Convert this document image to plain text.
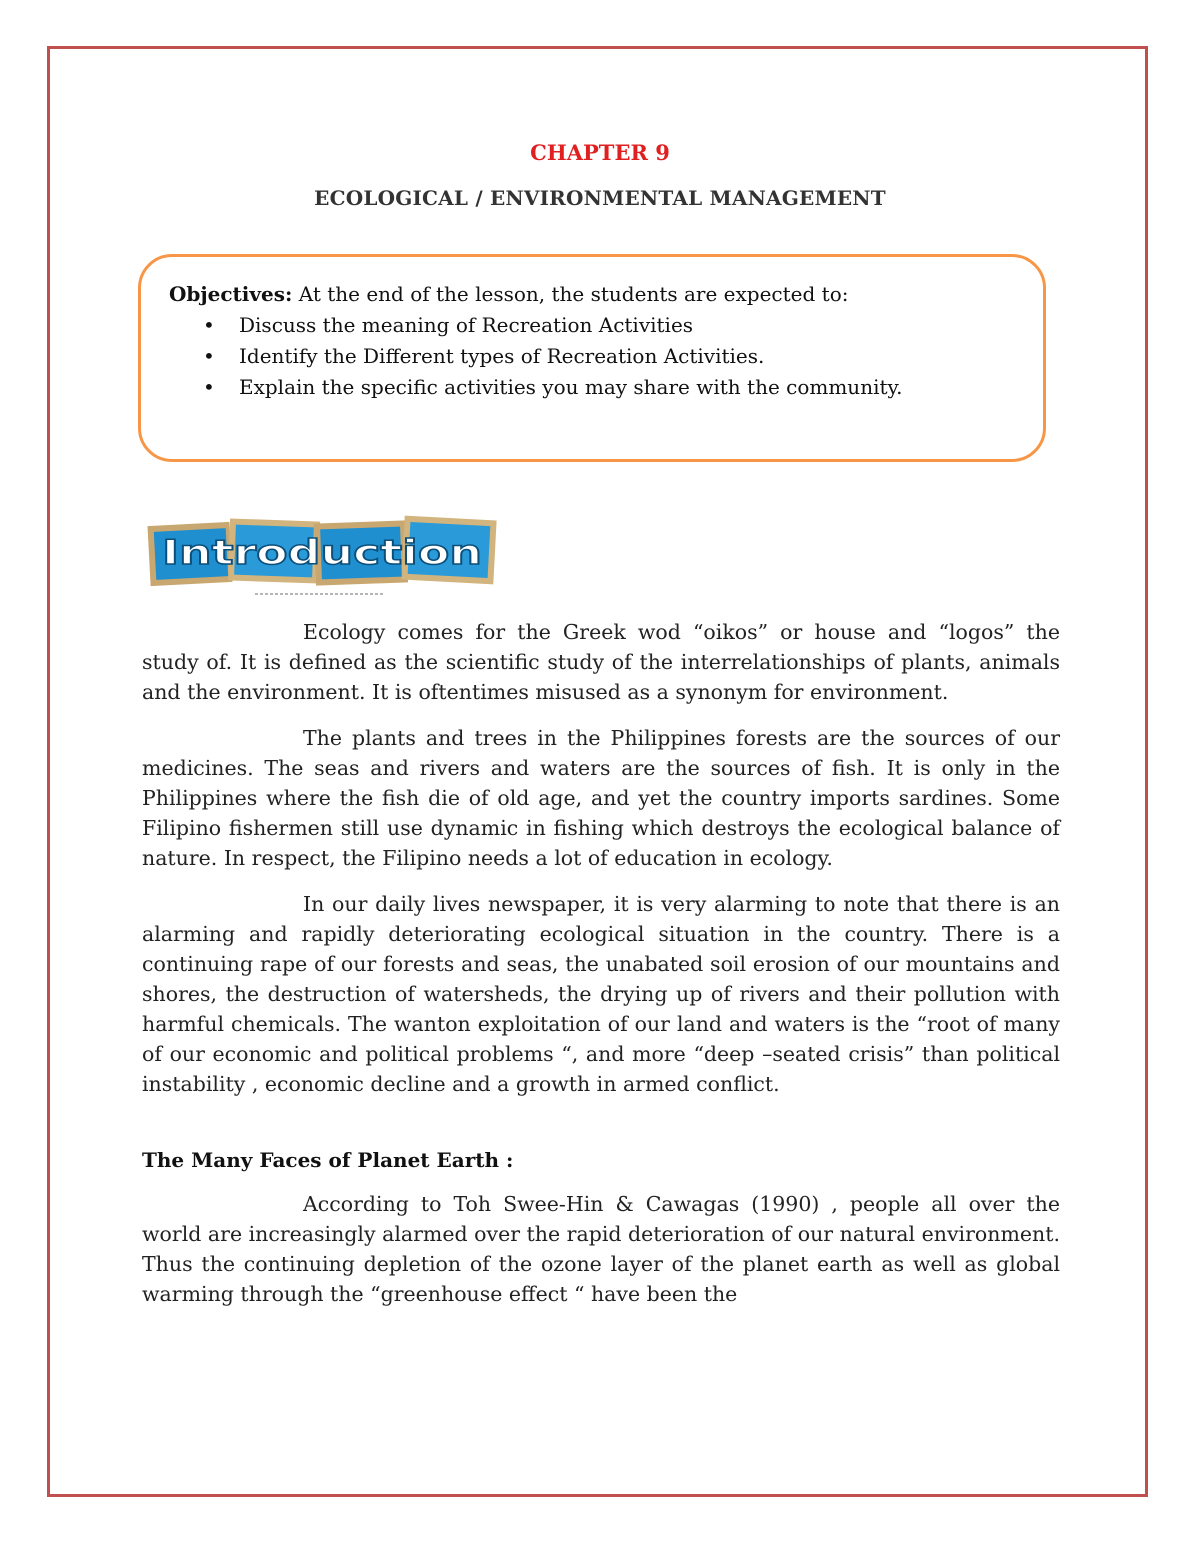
CHAPTER 9
ECOLOGICAL / ENVIRONMENTAL MANAGEMENT
Objectives: At the end of the lesson, the students are expected to:
• Discuss the meaning of Recreation Activities
• Identify the Different types of Recreation Activities.
• Explain the specific activities you may share with the community.
Introduction

Ecology comes for the Greek wod “oikos” or house and “logos” the study of. It is defined as the scientific study of the interrelationships of plants, animals and the environment. It is oftentimes misused as a synonym for environment.

The plants and trees in the Philippines forests are the sources of our medicines. The seas and rivers and waters are the sources of fish. It is only in the Philippines where the fish die of old age, and yet the country imports sardines. Some Filipino fishermen still use dynamic in fishing which destroys the ecological balance of nature. In respect, the Filipino needs a lot of education in ecology.

In our daily lives newspaper, it is very alarming to note that there is an alarming and rapidly deteriorating ecological situation in the country. There is a continuing rape of our forests and seas, the unabated soil erosion of our mountains and shores, the destruction of watersheds, the drying up of rivers and their pollution with harmful chemicals. The wanton exploitation of our land and waters is the “root of many of our economic and political problems “, and more “deep –seated crisis” than political instability , economic decline and a growth in armed conflict.

The Many Faces of Planet Earth :

According to Toh Swee-Hin & Cawagas (1990) , people all over the world are increasingly alarmed over the rapid deterioration of our natural environment. Thus the continuing depletion of the ozone layer of the planet earth as well as global warming through the “greenhouse effect “ have been the
